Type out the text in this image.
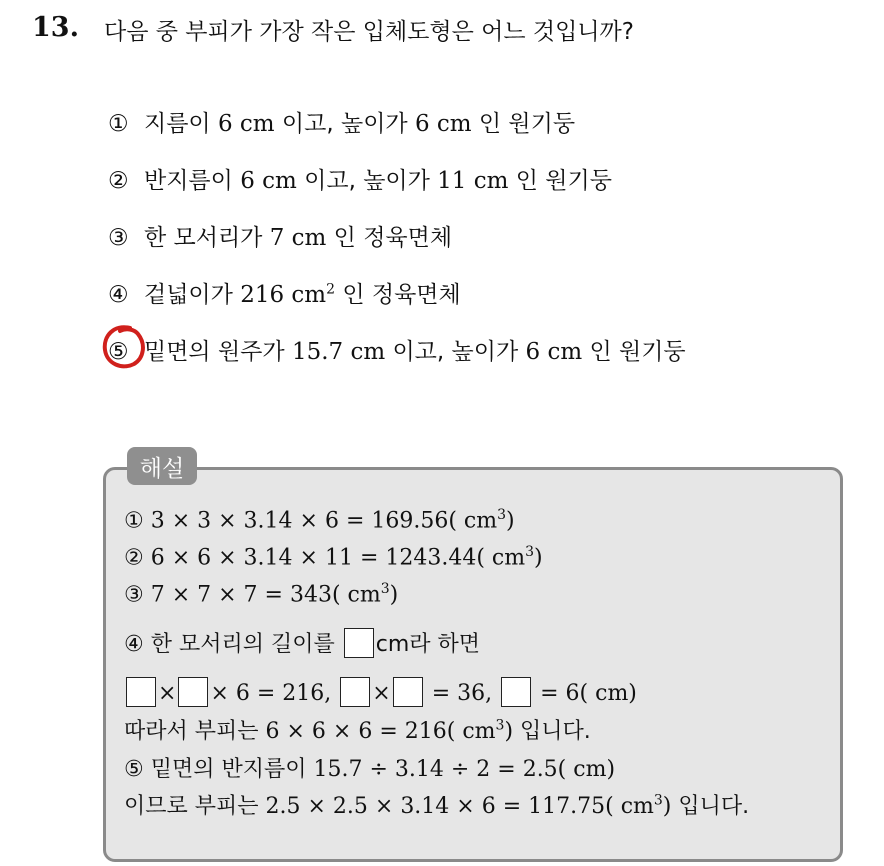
13. 다음 중 부피가 가장 작은 입체도형은 어느 것입니까?
① 지름이 6 cm 이고, 높이가 6 cm 인 원기둥
② 반지름이 6 cm 이고, 높이가 11 cm 인 원기둥
③ 한 모서리가 7 cm 인 정육면체
④ 겉넓이가 216 $cm^2$ 인 정육면체
⑤ 밑면의 원주가 15.7 cm 이고, 높이가 6 cm 인 원기둥
해설
① 3 × 3 × 3.14 × 6 = 169.56( $cm^3$)
② 6 × 6 × 3.14 × 11 = 1243.44( $cm^3$)
③ 7 × 7 × 7 = 343( $cm^3$)
④ 한 모서리의 길이를 cm라 하면
× × 6 = 216, × = 36, = 6( cm)
따라서 부피는 6 × 6 × 6 = 216( $cm^3$) 입니다.
⑤ 밑면의 반지름이 15.7 ÷ 3.14 ÷ 2 = 2.5( cm)
이므로 부피는 2.5 × 2.5 × 3.14 × 6 = 117.75( $cm^3$) 입니다.
